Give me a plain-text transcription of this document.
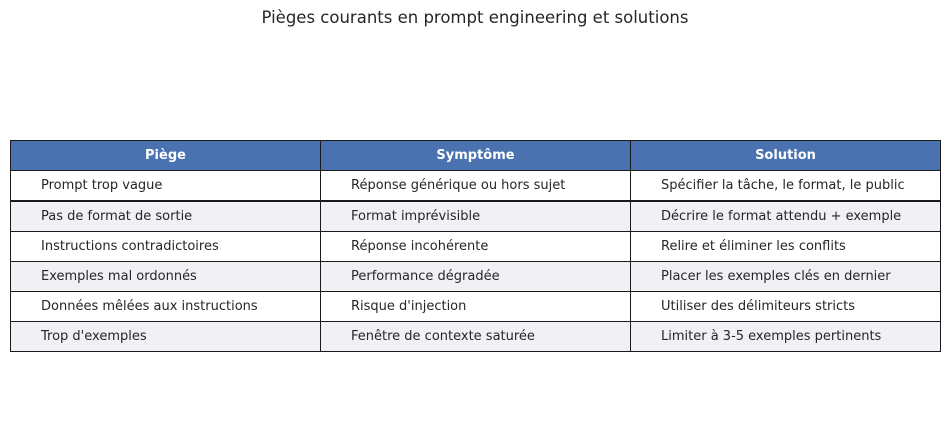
Pièges courants en prompt engineering et solutions
Piège	Symptôme	Solution
Prompt trop vague	Réponse générique ou hors sujet	Spécifier la tâche, le format, le public
Pas de format de sortie	Format imprévisible	Décrire le format attendu + exemple
Instructions contradictoires	Réponse incohérente	Relire et éliminer les conflits
Exemples mal ordonnés	Performance dégradée	Placer les exemples clés en dernier
Données mêlées aux instructions	Risque d'injection	Utiliser des délimiteurs stricts
Trop d'exemples	Fenêtre de contexte saturée	Limiter à 3-5 exemples pertinents
